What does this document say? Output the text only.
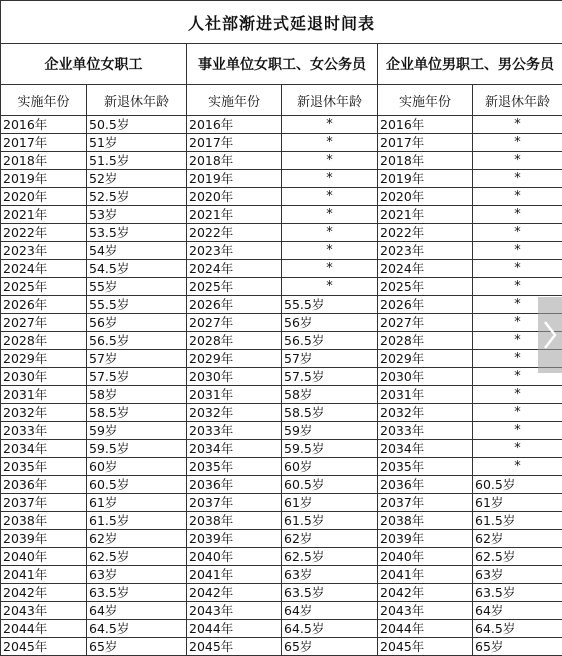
人社部渐进式延退时间表					
企业单位女职工		事业单位女职工、女公务员		企业单位男职工、男公务员	
实施年份	新退休年龄	实施年份	新退休年龄	实施年份	新退休年龄
2016年	50.5岁	2016年	*	2016年	*
2017年	51岁	2017年	*	2017年	*
2018年	51.5岁	2018年	*	2018年	*
2019年	52岁	2019年	*	2019年	*
2020年	52.5岁	2020年	*	2020年	*
2021年	53岁	2021年	*	2021年	*
2022年	53.5岁	2022年	*	2022年	*
2023年	54岁	2023年	*	2023年	*
2024年	54.5岁	2024年	*	2024年	*
2025年	55岁	2025年	*	2025年	*
2026年	55.5岁	2026年	55.5岁	2026年	*
2027年	56岁	2027年	56岁	2027年	*
2028年	56.5岁	2028年	56.5岁	2028年	*
2029年	57岁	2029年	57岁	2029年	*
2030年	57.5岁	2030年	57.5岁	2030年	*
2031年	58岁	2031年	58岁	2031年	*
2032年	58.5岁	2032年	58.5岁	2032年	*
2033年	59岁	2033年	59岁	2033年	*
2034年	59.5岁	2034年	59.5岁	2034年	*
2035年	60岁	2035年	60岁	2035年	*
2036年	60.5岁	2036年	60.5岁	2036年	60.5岁
2037年	61岁	2037年	61岁	2037年	61岁
2038年	61.5岁	2038年	61.5岁	2038年	61.5岁
2039年	62岁	2039年	62岁	2039年	62岁
2040年	62.5岁	2040年	62.5岁	2040年	62.5岁
2041年	63岁	2041年	63岁	2041年	63岁
2042年	63.5岁	2042年	63.5岁	2042年	63.5岁
2043年	64岁	2043年	64岁	2043年	64岁
2044年	64.5岁	2044年	64.5岁	2044年	64.5岁
2045年	65岁	2045年	65岁	2045年	65岁
